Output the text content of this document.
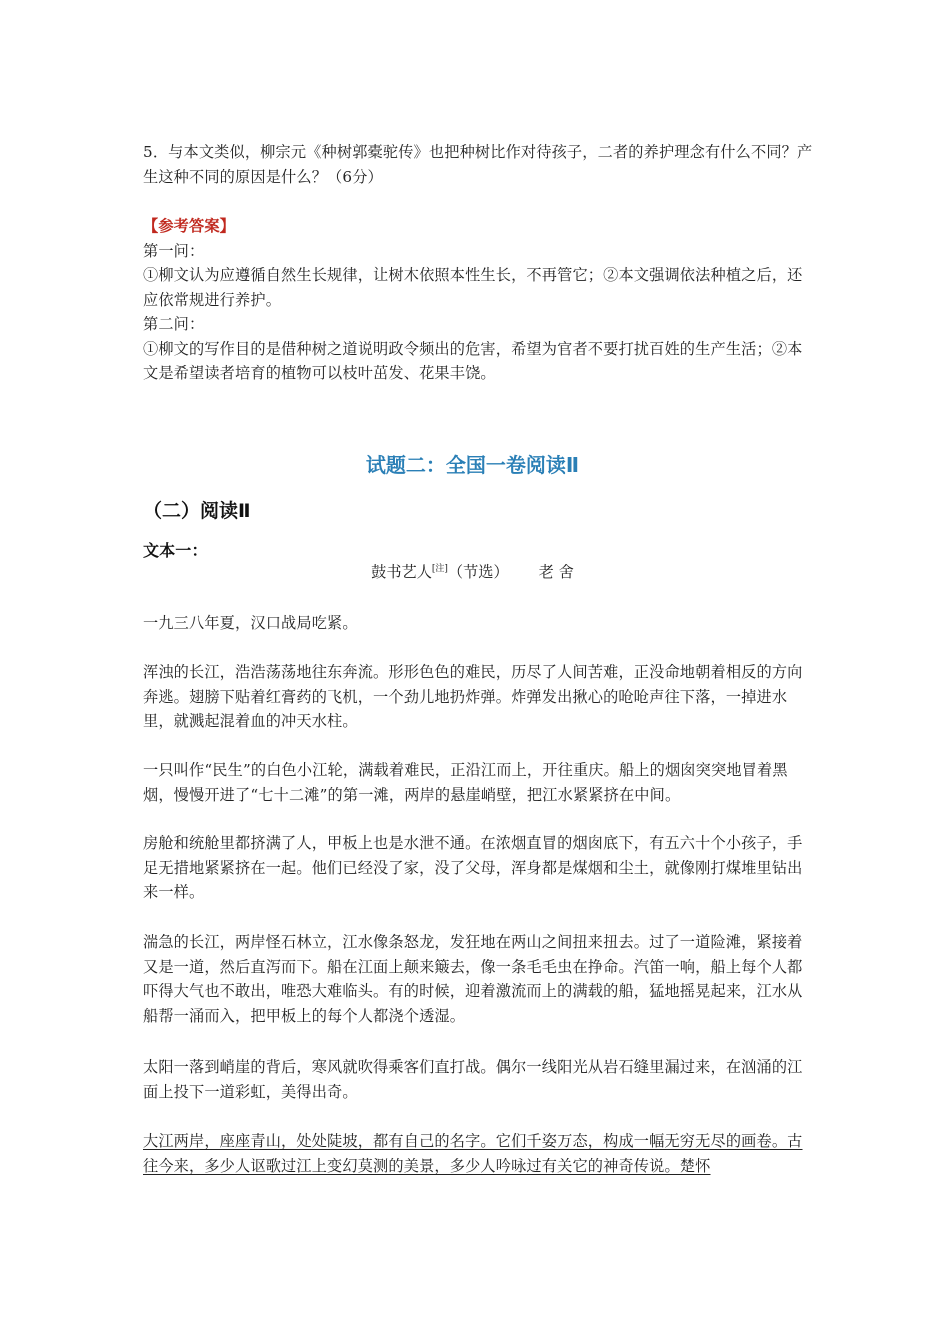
5．与本文类似，柳宗元《种树郭橐驼传》也把种树比作对待孩子，二者的养护理念有什么不同？产生这种不同的原因是什么？（6分）
【参考答案】
第一问：
①柳文认为应遵循自然生长规律，让树木依照本性生长，不再管它；②本文强调依法种植之后，还应依常规进行养护。
第二问：
①柳文的写作目的是借种树之道说明政令频出的危害，希望为官者不要打扰百姓的生产生活；②本文是希望读者培育的植物可以枝叶茁发、花果丰饶。
试题二：全国一卷阅读Ⅱ
（二）阅读Ⅱ
文本一：
鼓书艺人[注]（节选） 老 舍
一九三八年夏，汉口战局吃紧。
浑浊的长江，浩浩荡荡地往东奔流。形形色色的难民，历尽了人间苦难，正没命地朝着相反的方向奔逃。翅膀下贴着红膏药的飞机，一个劲儿地扔炸弹。炸弹发出揪心的呛呛声往下落，一掉进水里，就溅起混着血的冲天水柱。
一只叫作“民生”的白色小江轮，满载着难民，正沿江而上，开往重庆。船上的烟囱突突地冒着黑烟，慢慢开进了“七十二滩”的第一滩，两岸的悬崖峭壁，把江水紧紧挤在中间。
房舱和统舱里都挤满了人，甲板上也是水泄不通。在浓烟直冒的烟囱底下，有五六十个小孩子，手足无措地紧紧挤在一起。他们已经没了家，没了父母，浑身都是煤烟和尘土，就像刚打煤堆里钻出来一样。
湍急的长江，两岸怪石林立，江水像条怒龙，发狂地在两山之间扭来扭去。过了一道险滩，紧接着又是一道，然后直泻而下。船在江面上颠来簸去，像一条毛毛虫在挣命。汽笛一响，船上每个人都吓得大气也不敢出，唯恐大难临头。有的时候，迎着激流而上的满载的船，猛地摇晃起来，江水从船帮一涌而入，把甲板上的每个人都浇个透湿。
太阳一落到峭崖的背后，寒风就吹得乘客们直打战。偶尔一线阳光从岩石缝里漏过来，在汹涌的江面上投下一道彩虹，美得出奇。
大江两岸，座座青山，处处陡坡，都有自己的名字。它们千姿万态，构成一幅无穷无尽的画卷。古往今来，多少人讴歌过江上变幻莫测的美景，多少人吟咏过有关它的神奇传说。楚怀
